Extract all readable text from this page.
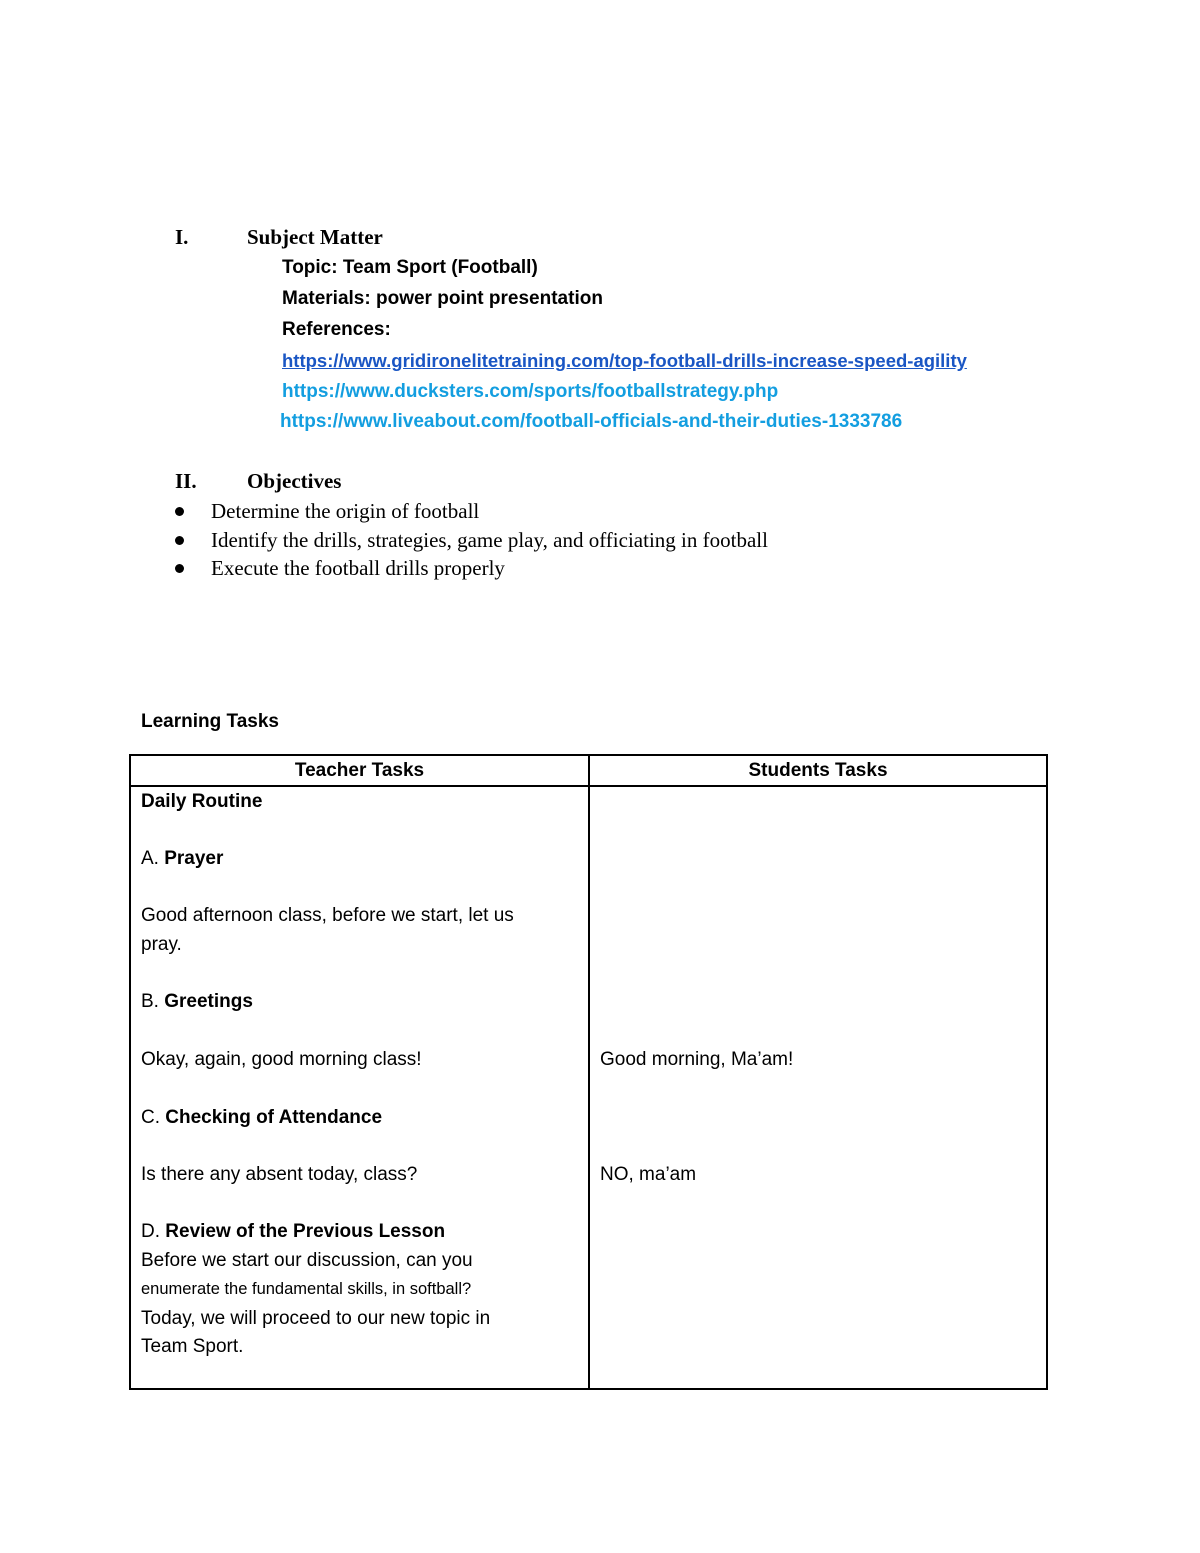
I.	Subject Matter
Topic: Team Sport (Football)
Materials: power point presentation
References:
https://www.gridironelitetraining.com/top-football-drills-increase-speed-agility
https://www.ducksters.com/sports/footballstrategy.php
https://www.liveabout.com/football-officials-and-their-duties-1333786
II. Objectives
Determine the origin of football
Identify the drills, strategies, game play, and officiating in football
Execute the football drills properly
Learning Tasks
Teacher Tasks	Students Tasks
Daily Routine
A. Prayer
Good afternoon class, before we start, let us
pray.
B. Greetings
Okay, again, good morning class!
C. Checking of Attendance
Is there any absent today, class?
D. Review of the Previous Lesson
Before we start our discussion, can you
enumerate the fundamental skills, in softball?
Today, we will proceed to our new topic in
Team Sport.
Good morning, Ma’am!
NO, ma’am
